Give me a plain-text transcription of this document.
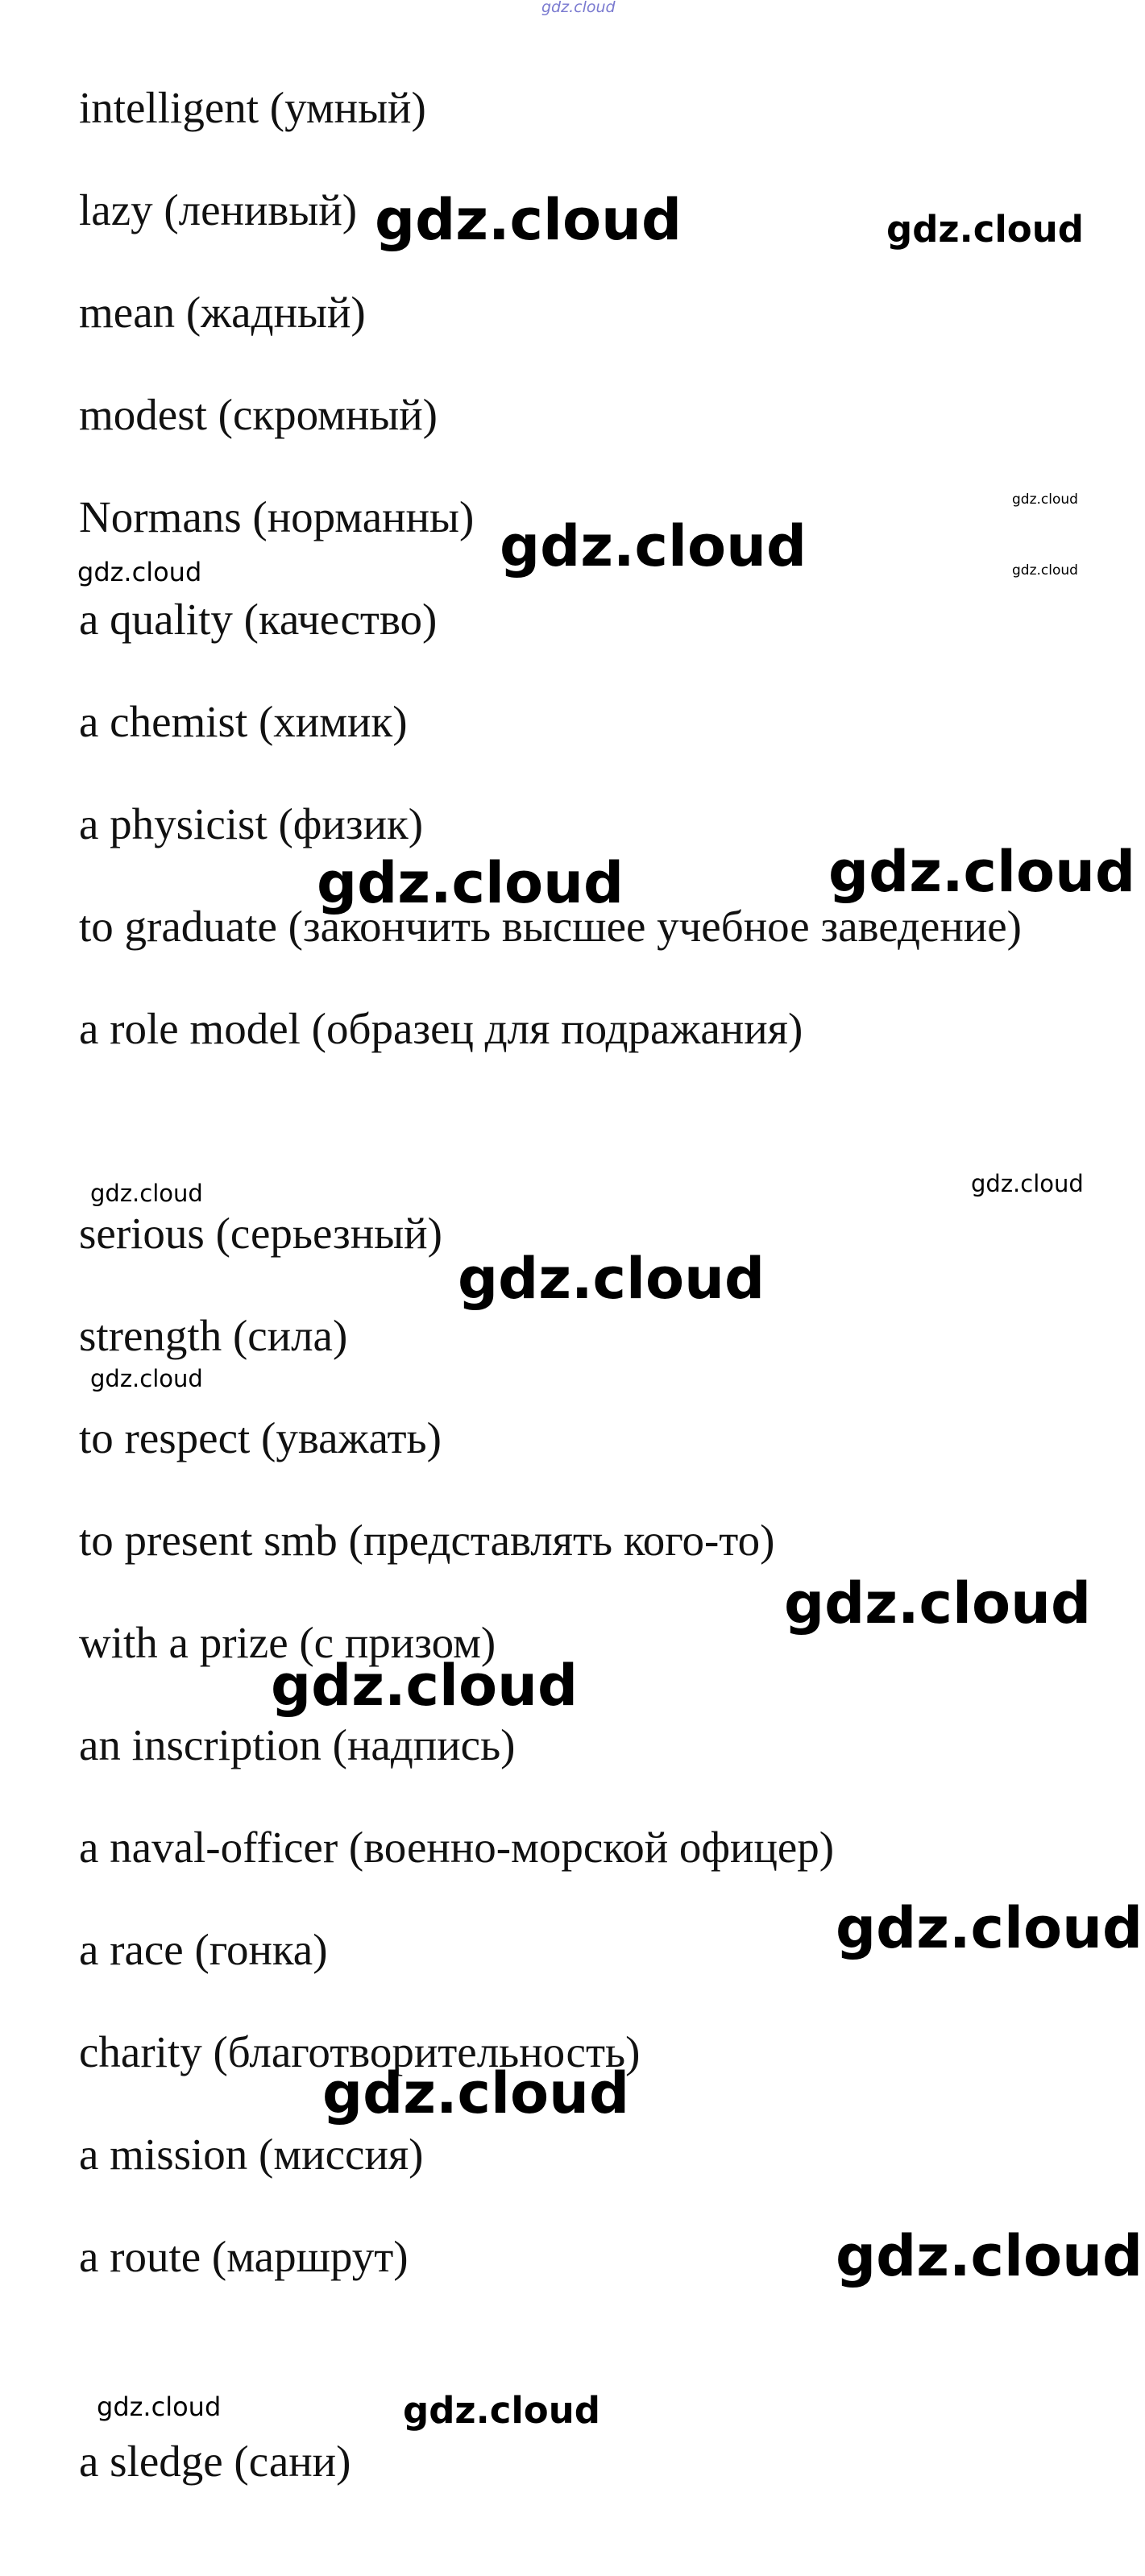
intelligent (умный)

lazy (ленивый)

mean (жадный)

modest (скромный)

Normans (норманны)

a quality (качество)

a chemist (химик)

a physicist (физик)

to graduate (закончить высшее учебное заведение)

a role model (образец для подражания)

serious (серьезный)

strength (сила)

to respect (уважать)

to present smb (представлять кого-то)

with a prize (с призом)

an inscription (надпись)

a naval-officer (военно-морской офицер)

a race (гонка)

charity (благотворительность)

a mission (миссия)

a route (маршрут)

a sledge (сани)

gdz.cloud
gdz.cloud	gdz.cloud
gdz.cloud
gdz.cloud
gdz.cloud	gdz.cloud
gdz.cloud
gdz.cloud
gdz.cloud
gdz.cloud
gdz.cloud
gdz.cloud
gdz.cloud
gdz.cloud
gdz.cloud
gdz.cloud
gdz.cloud
gdz.cloud	gdz.cloud
